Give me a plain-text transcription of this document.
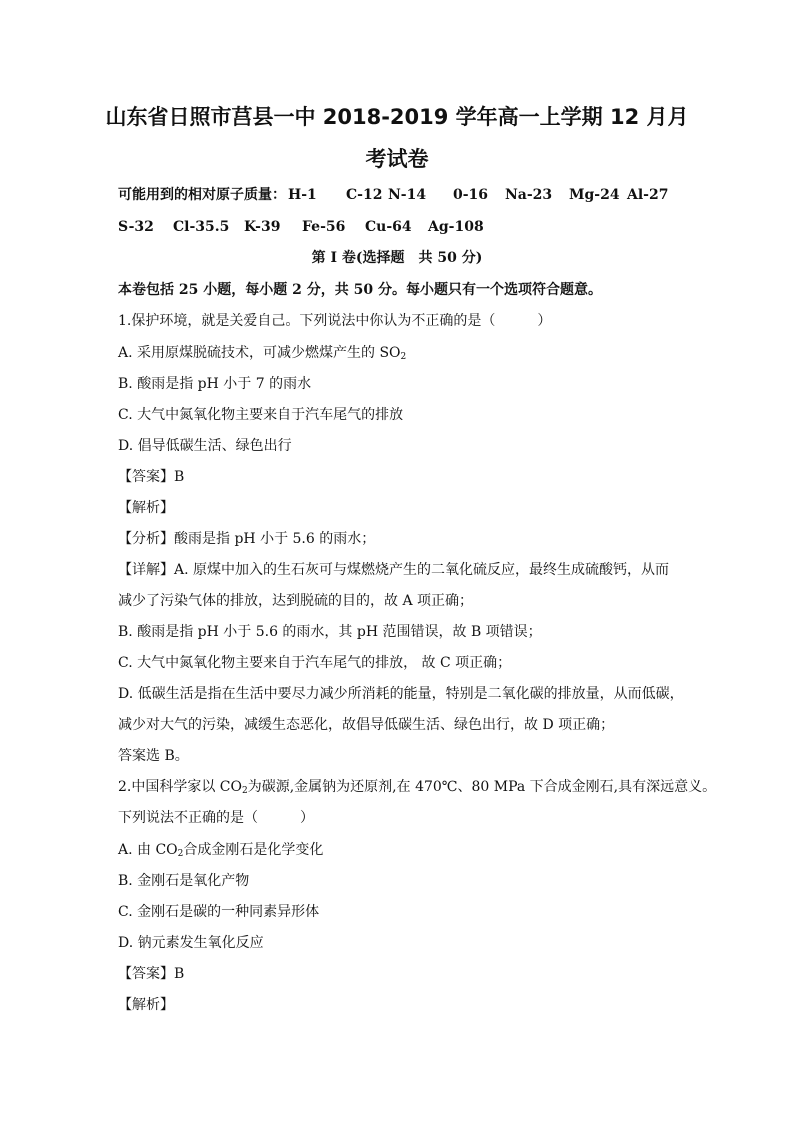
山东省日照市莒县一中 2018-2019 学年高一上学期 12 月月
考试卷
可能用到的相对原子质量： H-1 C-12 N-14 0-16 Na-23 Mg-24 Al-27
S-32 Cl-35.5 K-39 Fe-56 Cu-64 Ag-108
第 I 卷(选择题　共 50 分)
本卷包括 25 小题，每小题 2 分，共 50 分。每小题只有一个选项符合题意。
1.保护环境，就是关爱自己。下列说法中你认为不正确的是（　　　）
A. 采用原煤脱硫技术，可减少燃煤产生的 $SO_2$
B. 酸雨是指 pH 小于 7 的雨水
C. 大气中氮氧化物主要来自于汽车尾气的排放
D. 倡导低碳生活、绿色出行
【答案】B
【解析】
【分析】酸雨是指 pH 小于 5.6 的雨水；
【详解】A. 原煤中加入的生石灰可与煤燃烧产生的二氧化硫反应，最终生成硫酸钙，从而
减少了污染气体的排放，达到脱硫的目的，故 A 项正确；
B. 酸雨是指 pH 小于 5.6 的雨水，其 pH 范围错误，故 B 项错误；
C. 大气中氮氧化物主要来自于汽车尾气的排放， 故 C 项正确；
D. 低碳生活是指在生活中要尽力减少所消耗的能量，特别是二氧化碳的排放量，从而低碳，
减少对大气的污染，减缓生态恶化，故倡导低碳生活、绿色出行，故 D 项正确；
答案选 B。
2.中国科学家以 $CO_2$为碳源,金属钠为还原剂,在 470℃、80 MPa 下合成金刚石,具有深远意义。
下列说法不正确的是（　　　）
A. 由 $CO_2$合成金刚石是化学变化
B. 金刚石是氧化产物
C. 金刚石是碳的一种同素异形体
D. 钠元素发生氧化反应
【答案】B
【解析】
